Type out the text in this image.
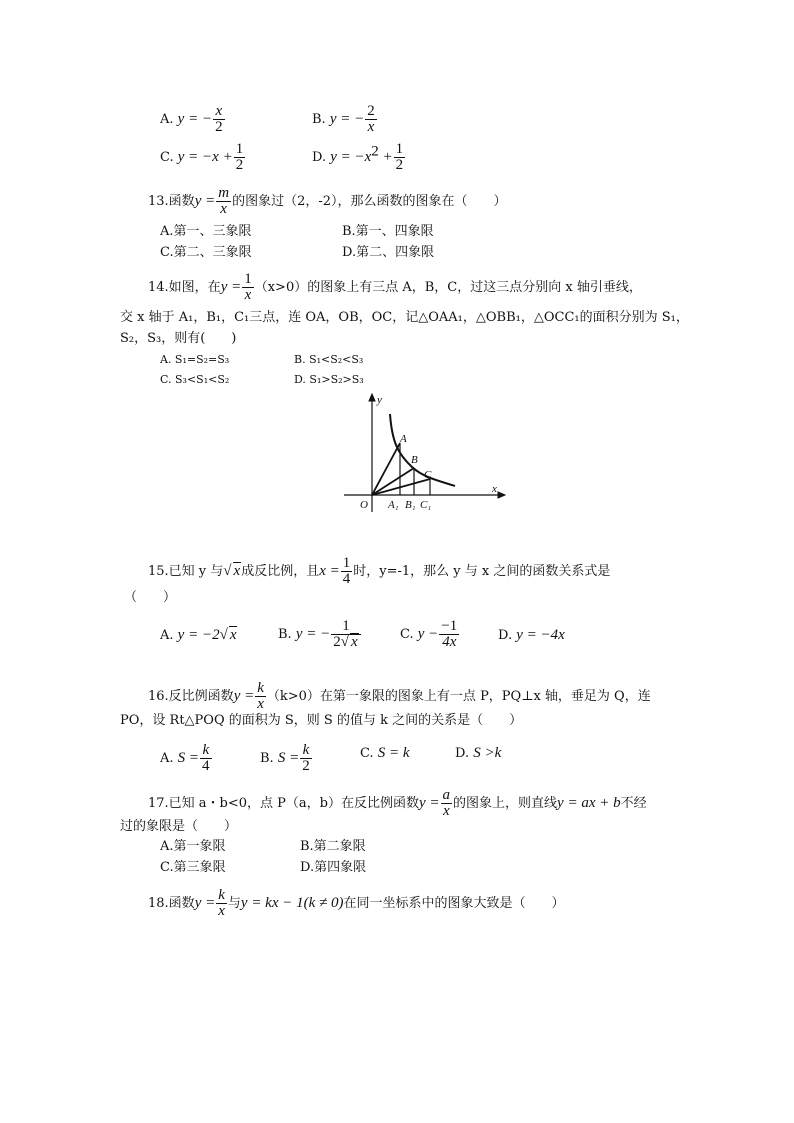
A. y = − $\frac{x}{2}$	B. y = − $\frac{2}{x}$
C. $y = -x + \frac{1}{2}$	D. $y = -x^2 + \frac{1}{2}$
13.函数$y = \frac{m}{x}$ 的图象过（2，-2），那么函数的图象在（　　）
A.第一、三象限	B.第一、四象限
C.第二、三象限	D.第二、四象限
14.如图，在$y = \frac{1}{x} (x>0)$的图象上有三点 A，B，C，过这三点分别向 x 轴引垂线，
交 x 轴于 A₁，B₁，C₁三点，连 OA，OB，OC，记△OAA₁，△OBB₁，△OCC₁的面积分别为 S₁，
S₂，S₃，则有(　　)
A. S₁=S₂=S₃	B. S₁<S₂<S₃
C. S₃<S₁<S₂	D. S₁>S₂>S₃
y
x
O
A
B
C
A₁ B₁ C₁
15.已知 y 与√ x成反比例，且$x = \frac{1}{4}$ 时，y=-1，那么 y 与 x 之间的函数关系式是
（　　）
A. y = −2√ x	B. y = − $\frac{1}{2√ x}$	C. $y - \frac{-1}{4x}$	D. y = −4x
16.反比例函数$y = \frac{k}{x} (k>0)$在第一象限的图象上有一点 P，PQ⊥x 轴，垂足为 Q，连
PO，设 Rt△POQ 的面积为 S，则 S 的值与 k 之间的关系是（　　）
A. $S = \frac{k}{4}$	B. $S = \frac{k}{2}$	C. S = k	D. S >k
17.已知 a・b<0，点 P（a，b）在反比例函数$y = \frac{a}{x}$ 的图象上，则直线y = ax + b不经
过的象限是（　　）
A.第一象限	B.第二象限
C.第三象限	D.第四象限
18.函数$y = \frac{k}{x}$ 与y = kx − 1(k ≠ 0)在同一坐标系中的图象大致是（　　）
